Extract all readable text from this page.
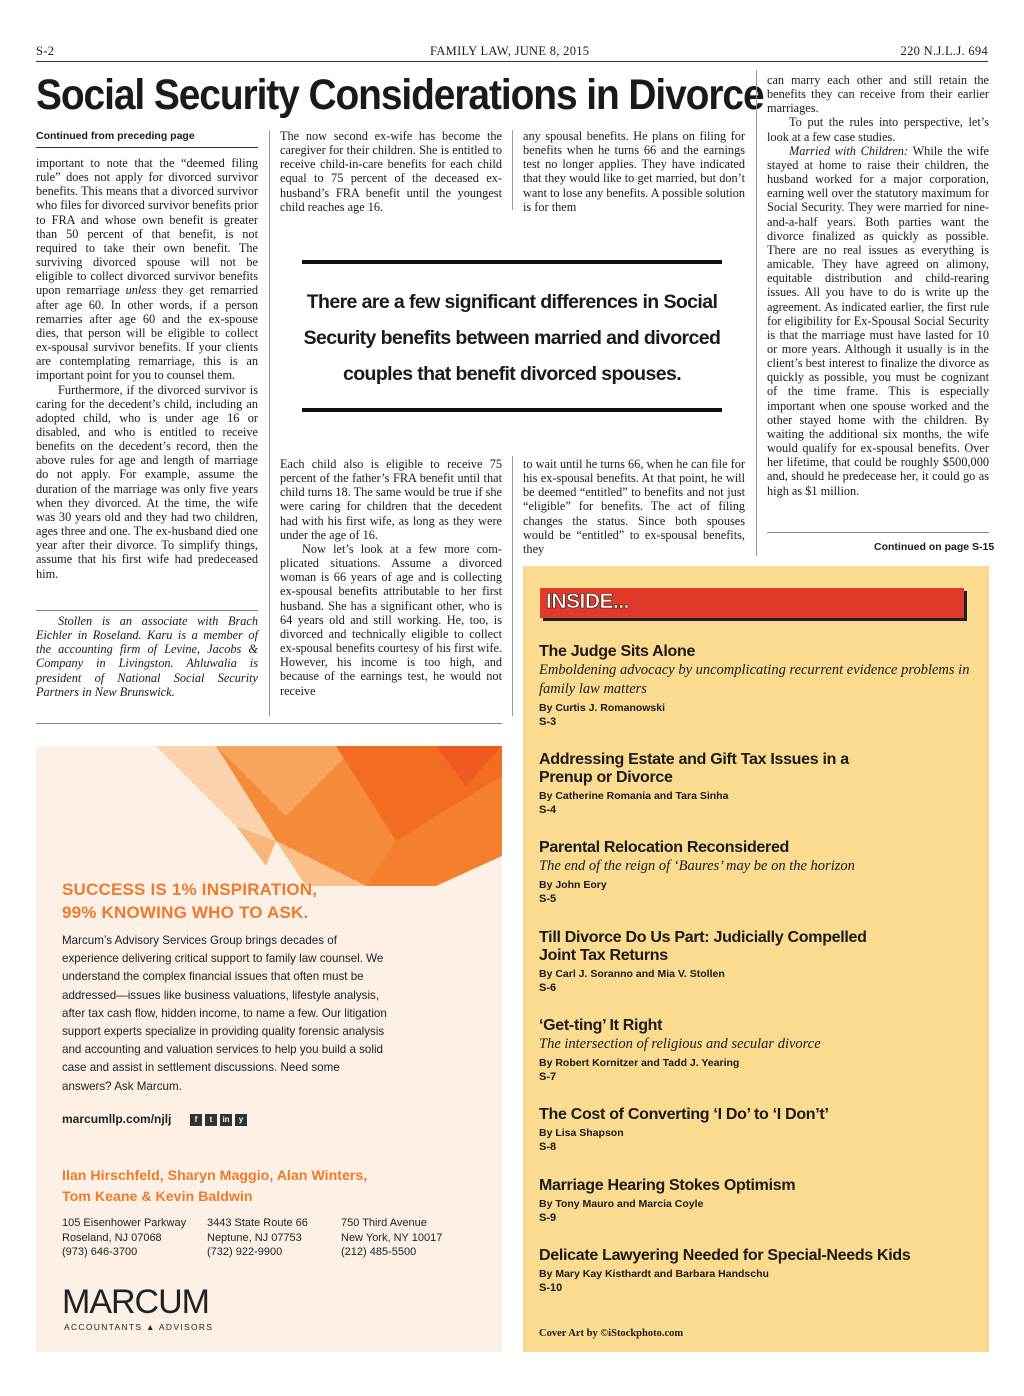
S-2	FAMILY LAW, JUNE 8, 2015	220 N.J.L.J. 694
Social Security Considerations in Divorce
Continued from preceding page

important to note that the “deemed filing rule” does not apply for divorced survivor benefits. This means that a divorced survivor who files for divorced survivor benefits prior to FRA and whose own benefit is greater than 50 percent of that benefit, is not required to take their own benefit. The surviving divorced spouse will not be eligible to collect divorced survivor benefits upon remarriage unless they get remarried after age 60. In other words, if a person remarries after age 60 and the ex-spouse dies, that person will be eligible to collect ex-spousal survivor benefits. If your clients are contemplating remarriage, this is an important point for you to counsel them.

Furthermore, if the divorced survivor is caring for the decedent’s child, including an adopted child, who is under age 16 or disabled, and who is entitled to receive benefits on the decedent’s record, then the above rules for age and length of marriage do not apply. For example, assume the duration of the marriage was only five years when they divorced. At the time, the wife was 30 years old and they had two children, ages three and one. The ex-husband died one year after their divorce. To simplify things, assume that his first wife had predeceased him.

Stollen is an associate with Brach Eichler in Roseland. Karu is a member of the accounting firm of Levine, Jacobs & Company in Livingston. Ahluwalia is president of National Social Security Partners in New Brunswick.
The now second ex-wife has become the caregiver for their children. She is entitled to receive child-in-care benefits for each child equal to 75 percent of the deceased ex-husband’s FRA benefit until the youngest child reaches age 16.
any spousal benefits. He plans on filing for benefits when he turns 66 and the earnings test no longer applies. They have indicated that they would like to get married, but don’t want to lose any benefits. A possible solution is for them
There are a few significant differences in Social Security benefits between married and divorced couples that benefit divorced spouses.

Each child also is eligible to receive 75 percent of the father’s FRA benefit until that child turns 18. The same would be true if she were caring for children that the decedent had with his first wife, as long as they were under the age of 16.

Now let’s look at a few more complicated situations. Assume a divorced woman is 66 years of age and is collecting ex-spousal benefits attributable to her first husband. She has a significant other, who is 64 years old and still working. He, too, is divorced and technically eligible to collect ex-spousal benefits courtesy of his first wife. However, his income is too high, and because of the earnings test, he would not receive

to wait until he turns 66, when he can file for his ex-spousal benefits. At that point, he will be deemed “entitled” to benefits and not just “eligible” for benefits. The act of filing changes the status. Since both spouses would be “entitled” to ex-spousal benefits, they

can marry each other and still retain the benefits they can receive from their earlier marriages.

To put the rules into perspective, let’s look at a few case studies.

Married with Children: While the wife stayed at home to raise their children, the husband worked for a major corporation, earning well over the statutory maximum for Social Security. They were married for nine-and-a-half years. Both parties want the divorce finalized as quickly as possible. There are no real issues as everything is amicable. They have agreed on alimony, equitable distribution and child-rearing issues. All you have to do is write up the agreement. As indicated earlier, the first rule for eligibility for Ex-Spousal Social Security is that the marriage must have lasted for 10 or more years. Although it usually is in the client’s best interest to finalize the divorce as quickly as possible, you must be cognizant of the time frame. This is especially important when one spouse worked and the other stayed home with the children. By waiting the additional six months, the wife would qualify for ex-spousal benefits. Over her lifetime, that could be roughly $500,000 and, should he predecease her, it could go as high as $1 million.

Continued on page S-15
INSIDE...
The Judge Sits Alone
Emboldening advocacy by uncomplicating recurrent evidence problems in family law matters
By Curtis J. Romanowski
S-3
Addressing Estate and Gift Tax Issues in a Prenup or Divorce
By Catherine Romania and Tara Sinha
S-4
Parental Relocation Reconsidered
The end of the reign of ‘Baures’ may be on the horizon
By John Eory
S-5
Till Divorce Do Us Part: Judicially Compelled Joint Tax Returns
By Carl J. Soranno and Mia V. Stollen
S-6
‘Get-ting’ It Right
The intersection of religious and secular divorce
By Robert Kornitzer and Tadd J. Yearing
S-7
The Cost of Converting ‘I Do’ to ‘I Don’t’
By Lisa Shapson
S-8
Marriage Hearing Stokes Optimism
By Tony Mauro and Marcia Coyle
S-9
Delicate Lawyering Needed for Special-Needs Kids
By Mary Kay Kisthardt and Barbara Handschu
S-10
Cover Art by ©iStockphoto.com
SUCCESS IS 1% INSPIRATION,
99% KNOWING WHO TO ASK.
Marcum’s Advisory Services Group brings decades of experience delivering critical support to family law counsel. We understand the complex financial issues that often must be addressed—issues like business valuations, lifestyle analysis, after tax cash flow, hidden income, to name a few. Our litigation support experts specialize in providing quality forensic analysis and accounting and valuation services to help you build a solid case and assist in settlement discussions. Need some answers? Ask Marcum.
marcumllp.com/njlj	f	t	in	y
Ilan Hirschfeld, Sharyn Maggio, Alan Winters,
Tom Keane & Kevin Baldwin
105 Eisenhower Parkway
Roseland, NJ 07068
(973) 646-3700
3443 State Route 66
Neptune, NJ 07753
(732) 922-9900
750 Third Avenue
New York, NY 10017
(212) 485-5500
MARCUM
ACCOUNTANTS ▲ ADVISORS
